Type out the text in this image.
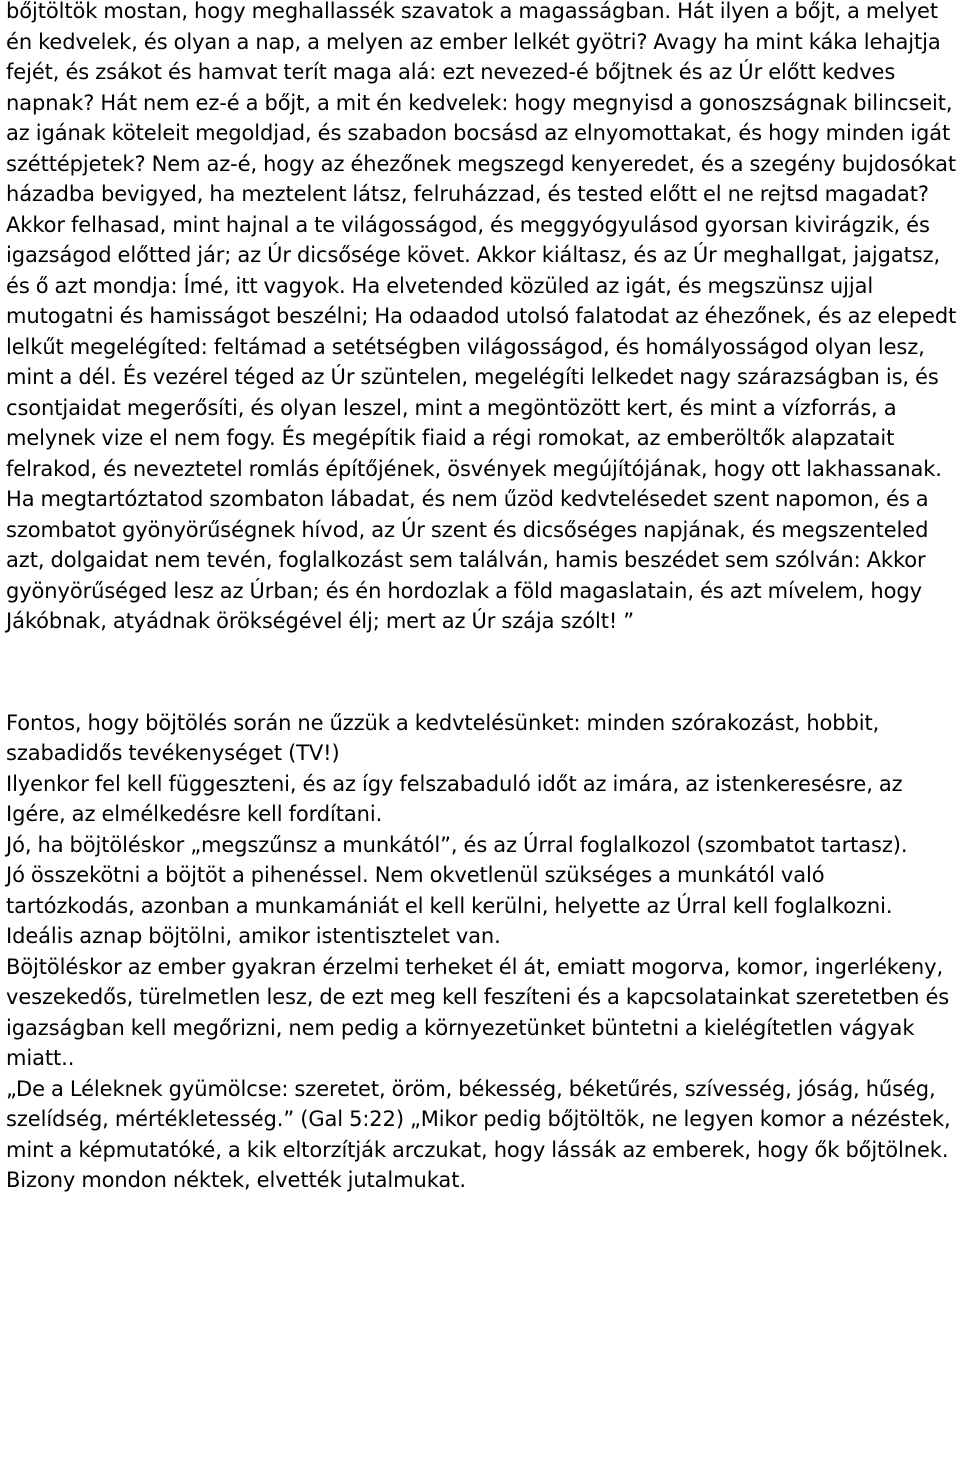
bőjtöltök mostan, hogy meghallassék szavatok a magasságban. Hát ilyen a bőjt, a melyet én kedvelek, és olyan a nap, a melyen az ember lelkét gyötri? Avagy ha mint káka lehajtja fejét, és zsákot és hamvat terít maga alá: ezt nevezed-é bőjtnek és az Úr előtt kedves napnak? Hát nem ez-é a bőjt, a mit én kedvelek: hogy megnyisd a gonoszságnak bilincseit, az igának köteleit megoldjad, és szabadon bocsásd az elnyomottakat, és hogy minden igát széttépjetek? Nem az-é, hogy az éhezőnek megszegd kenyeredet, és a szegény bujdosókat házadba bevigyed, ha meztelent látsz, felruházzad, és tested előtt el ne rejtsd magadat? Akkor felhasad, mint hajnal a te világosságod, és meggyógyulásod gyorsan kivirágzik, és igazságod előtted jár; az Úr dicsősége követ. Akkor kiáltasz, és az Úr meghallgat, jajgatsz, és ő azt mondja: Ímé, itt vagyok. Ha elvetended közüled az igát, és megszünsz ujjal mutogatni és hamisságot beszélni; Ha odaadod utolsó falatodat az éhezőnek, és az elepedt lelkűt megelégíted: feltámad a setétségben világosságod, és homályosságod olyan lesz, mint a dél. És vezérel téged az Úr szüntelen, megelégíti lelkedet nagy szárazságban is, és csontjaidat megerősíti, és olyan leszel, mint a megöntözött kert, és mint a vízforrás, a melynek vize el nem fogy. És megépítik fiaid a régi romokat, az emberöltők alapzatait felrakod, és neveztetel romlás építőjének, ösvények megújítójának, hogy ott lakhassanak. Ha megtartóztatod szombaton lábadat, és nem űzöd kedvtelésedet szent napomon, és a szombatot gyönyörűségnek hívod, az Úr szent és dicsőséges napjának, és megszenteled azt, dolgaidat nem tevén, foglalkozást sem találván, hamis beszédet sem szólván: Akkor gyönyörűséged lesz az Úrban; és én hordozlak a föld magaslatain, és azt mívelem, hogy Jákóbnak, atyádnak örökségével élj; mert az Úr szája szólt! ”

Fontos, hogy böjtölés során ne űzzük a kedvtelésünket: minden szórakozást, hobbit, szabadidős tevékenységet (TV!)
Ilyenkor fel kell függeszteni, és az így felszabaduló időt az imára, az istenkeresésre, az Igére, az elmélkedésre kell fordítani.
Jó, ha böjtöléskor „megszűnsz a munkától”, és az Úrral foglalkozol (szombatot tartasz).
Jó összekötni a böjtöt a pihenéssel. Nem okvetlenül szükséges a munkától való tartózkodás, azonban a munkamániát el kell kerülni, helyette az Úrral kell foglalkozni.
Ideális aznap böjtölni, amikor istentisztelet van.
Böjtöléskor az ember gyakran érzelmi terheket él át, emiatt mogorva, komor, ingerlékeny, veszekedős, türelmetlen lesz, de ezt meg kell feszíteni és a kapcsolatainkat szeretetben és igazságban kell megőrizni, nem pedig a környezetünket büntetni a kielégítetlen vágyak miatt..
„De a Léleknek gyümölcse: szeretet, öröm, békesség, béketűrés, szívesség, jóság, hűség, szelídség, mértékletesség.” (Gal 5:22) „Mikor pedig bőjtöltök, ne legyen komor a nézéstek, mint a képmutatóké, a kik eltorzítják arczukat, hogy lássák az emberek, hogy ők bőjtölnek. Bizony mondon néktek, elvették jutalmukat.
